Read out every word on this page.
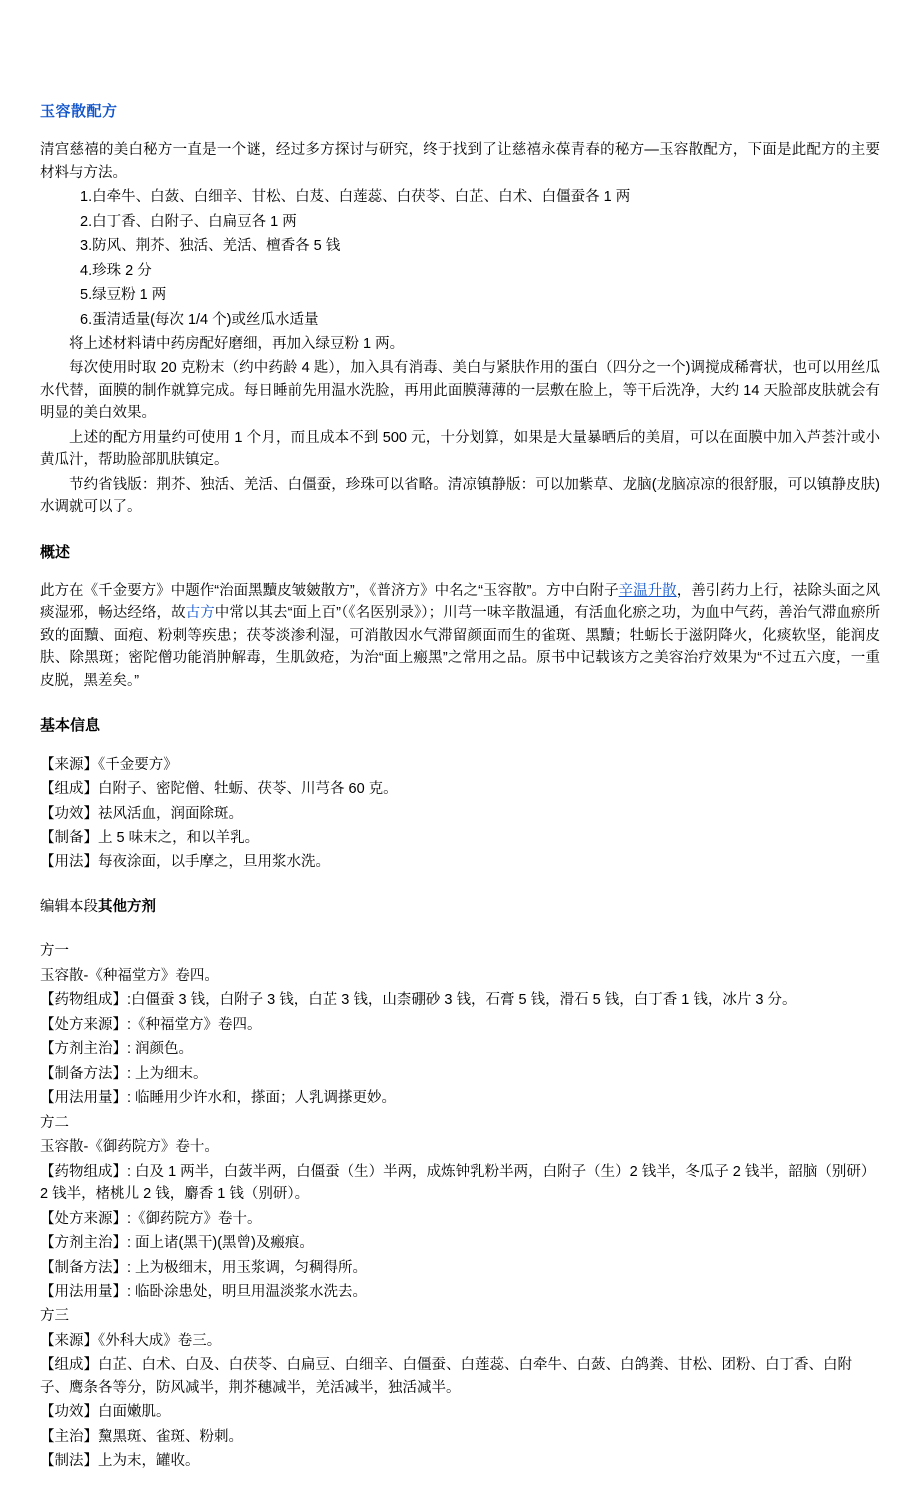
玉容散配方

清宫慈禧的美白秘方一直是一个谜，经过多方探讨与研究，终于找到了让慈禧永葆青春的秘方—玉容散配方，下面是此配方的主要材料与方法。

1.白牵牛、白蔹、白细辛、甘松、白芨、白莲蕊、白茯苓、白芷、白术、白僵蚕各 1 两

2.白丁香、白附子、白扁豆各 1 两

3.防风、荆芥、独活、羌活、檀香各 5 钱

4.珍珠 2 分

5.绿豆粉 1 两

6.蛋清适量(每次 1/4 个)或丝瓜水适量

将上述材料请中药房配好磨细，再加入绿豆粉 1 两。

每次使用时取 20 克粉末（约中药龄 4 匙），加入具有消毒、美白与紧肤作用的蛋白（四分之一个)调搅成稀膏状，也可以用丝瓜水代替，面膜的制作就算完成。每日睡前先用温水洗脸，再用此面膜薄薄的一层敷在脸上，等干后洗净，大约 14 天脸部皮肤就会有明显的美白效果。

上述的配方用量约可使用 1 个月，而且成本不到 500 元，十分划算，如果是大量暴晒后的美眉，可以在面膜中加入芦荟汁或小黄瓜汁，帮助脸部肌肤镇定。

节约省钱版：荆芥、独活、羌活、白僵蚕，珍珠可以省略。清凉镇静版：可以加紫草、龙脑(龙脑凉凉的很舒服，可以镇静皮肤)水调就可以了。

概述

此方在《千金要方》中题作“治面黑黷皮皱皴散方”，《普济方》中名之“玉容散”。方中白附子辛温升散，善引药力上行，祛除头面之风痰湿邪，畅达经络，故古方中常以其去“面上百”（《名医别录》）；川芎一味辛散温通，有活血化瘀之功，为血中气药，善治气滞血瘀所致的面黷、面疱、粉刺等疾患；茯苓淡渗利湿，可消散因水气滞留颜面而生的雀斑、黑黷；牡蛎长于滋阴降火，化痰软坚，能润皮肤、除黑斑；密陀僧功能消肿解毒，生肌敛疮，为治“面上瘢黑”之常用之品。原书中记载该方之美容治疗效果为“不过五六度，一重皮脱，黑差矣。”

基本信息

【来源】《千金要方》

【组成】白附子、密陀僧、牡蛎、茯苓、川芎各 60 克。

【功效】祛风活血，润面除斑。

【制备】上 5 味末之，和以羊乳。

【用法】每夜涂面，以手摩之，旦用浆水洗。

编辑本段其他方剂

方一

玉容散-《种福堂方》卷四。

【药物组成】:白僵蚕 3 钱，白附子 3 钱，白芷 3 钱，山柰硼砂 3 钱，石膏 5 钱，滑石 5 钱，白丁香 1 钱，冰片 3 分。

【处方来源】:《种福堂方》卷四。

【方剂主治】: 润颜色。

【制备方法】: 上为细末。

【用法用量】: 临睡用少许水和，搽面；人乳调搽更妙。

方二

玉容散-《御药院方》卷十。

【药物组成】: 白及 1 两半，白蔹半两，白僵蚕（生）半两，成炼钟乳粉半两，白附子（生）2 钱半，冬瓜子 2 钱半，韶脑（别研）2 钱半，楮桃儿 2 钱，麝香 1 钱（别研）。

【处方来源】:《御药院方》卷十。

【方剂主治】: 面上诸(黑干)(黑曾)及瘢痕。

【制备方法】: 上为极细末，用玉浆调，匀稠得所。

【用法用量】: 临卧涂患处，明旦用温淡浆水洗去。

方三

【来源】《外科大成》卷三。

【组成】白芷、白术、白及、白茯苓、白扁豆、白细辛、白僵蚕、白莲蕊、白牵牛、白蔹、白鸽粪、甘松、团粉、白丁香、白附子、鹰条各等分，防风减半，荆芥穗减半，羌活减半，独活减半。

【功效】白面嫩肌。

【主治】黧黑斑、雀斑、粉刺。

【制法】上为末，罐收。
